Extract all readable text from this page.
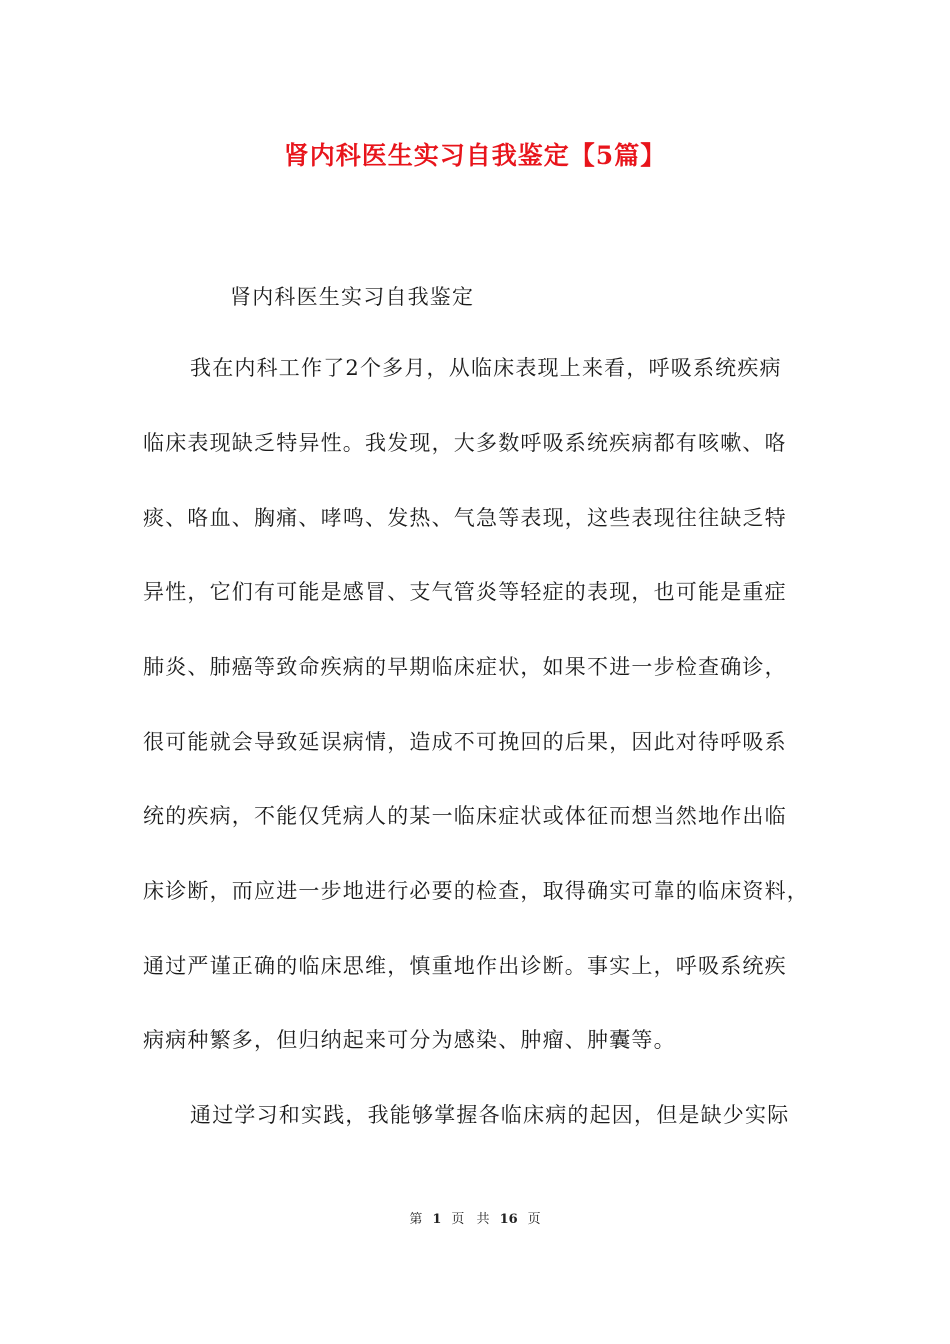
肾内科医生实习自我鉴定【5篇】
肾内科医生实习自我鉴定
我在内科工作了2个多月，从临床表现上来看，呼吸系统疾病
临床表现缺乏特异性。我发现，大多数呼吸系统疾病都有咳嗽、咯
痰、咯血、胸痛、哮鸣、发热、气急等表现，这些表现往往缺乏特
异性，它们有可能是感冒、支气管炎等轻症的表现，也可能是重症
肺炎、肺癌等致命疾病的早期临床症状，如果不进一步检查确诊，
很可能就会导致延误病情，造成不可挽回的后果，因此对待呼吸系
统的疾病，不能仅凭病人的某一临床症状或体征而想当然地作出临
床诊断，而应进一步地进行必要的检查，取得确实可靠的临床资料，
通过严谨正确的临床思维，慎重地作出诊断。事实上，呼吸系统疾
病病种繁多，但归纳起来可分为感染、肿瘤、肿囊等。
通过学习和实践，我能够掌握各临床病的起因，但是缺少实际
第 1 页 共 16 页
